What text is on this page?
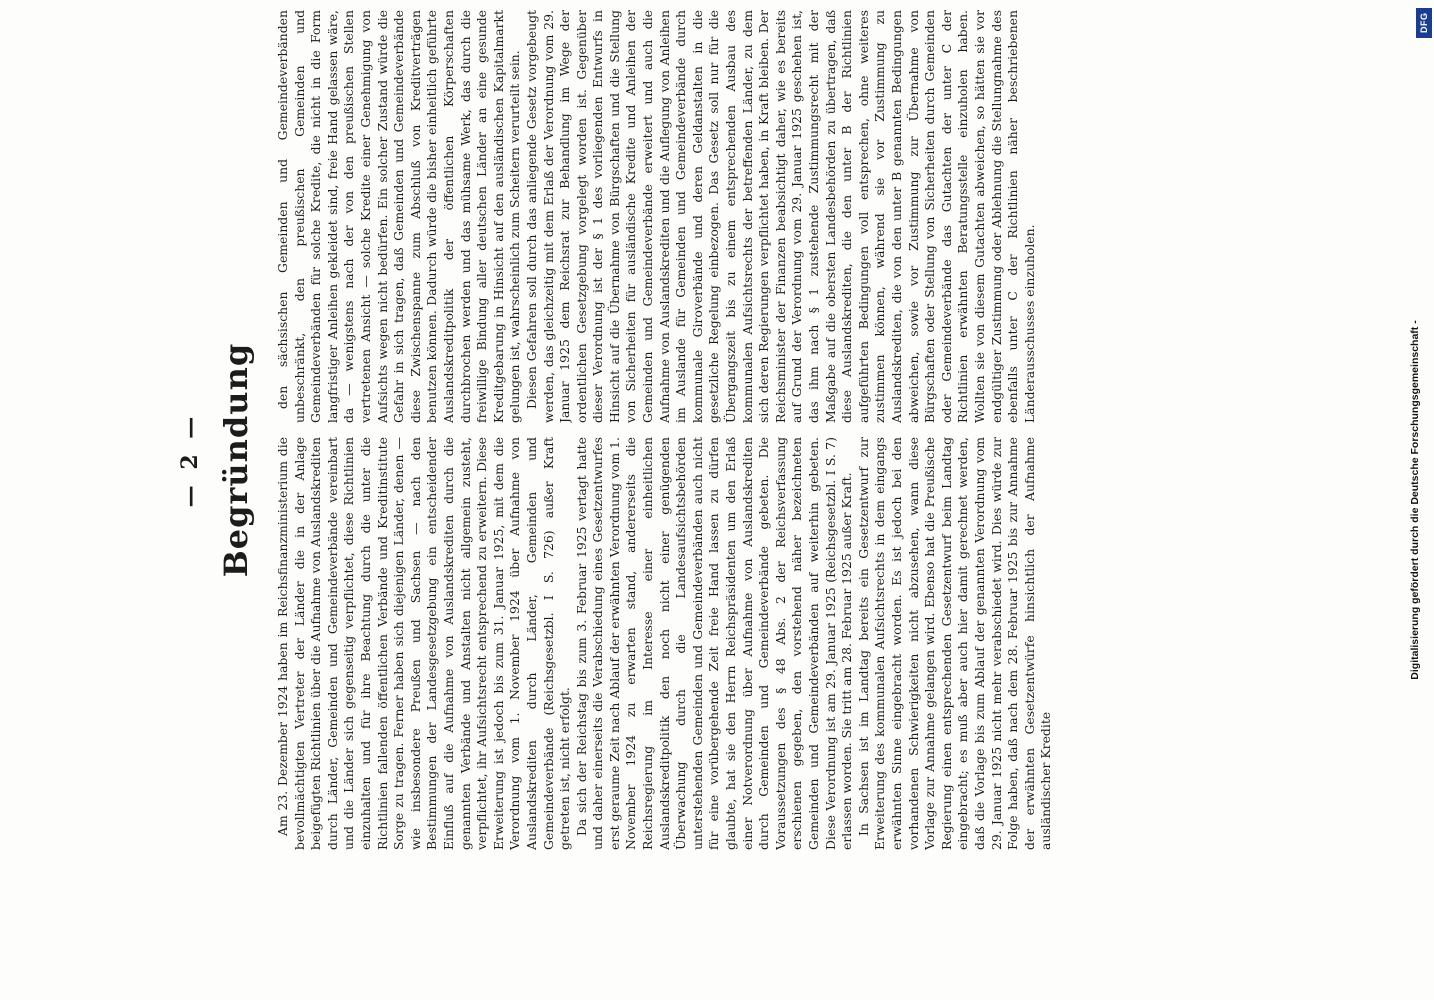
— 2 — Begründung Am 23. Dezember 1924 haben im Reichsfinanzministerium die bevollmächtigten Vertreter der Länder die in der Anlage beigefügten Richtlinien über die Aufnahme von Auslandskrediten durch Länder, Gemeinden und Gemeindeverbände vereinbart und die Länder sich gegenseitig verpflichtet, diese Richtlinien einzuhalten und für ihre Beachtung durch die unter die Richtlinien fallenden öffentlichen Verbände und Kreditinstitute Sorge zu tragen. Ferner haben sich diejenigen Länder, denen — wie insbesondere Preußen und Sachsen — nach den Bestimmungen der Landesgesetzgebung ein entscheidender Einfluß auf die Aufnahme von Auslandskrediten durch die genannten Verbände und Anstalten nicht allgemein zusteht, verpflichtet, ihr Aufsichtsrecht entsprechend zu erweitern. Diese Erweiterung ist jedoch bis zum 31. Januar 1925, mit dem die Verordnung vom 1. November 1924 über Aufnahme von Auslandskrediten durch Länder, Gemeinden und Gemeindeverbände (Reichsgesetzbl. I S. 726) außer Kraft getreten ist, nicht erfolgt. Da sich der Reichstag bis zum 3. Februar 1925 vertagt hatte und daher einerseits die Verabschiedung eines Gesetzentwurfes erst geraume Zeit nach Ablauf der erwähnten Verordnung vom 1. November 1924 zu erwarten stand, andererseits die Reichsregierung im Interesse einer einheitlichen Auslandskreditpolitik den noch nicht einer genügenden Überwachung durch die Landesaufsichtsbehörden unterstehenden Gemeinden und Gemeindeverbänden auch nicht für eine vorübergehende Zeit freie Hand lassen zu dürfen glaubte, hat sie den Herrn Reichspräsidenten um den Erlaß einer Notverordnung über Aufnahme von Auslandskrediten durch Gemeinden und Gemeindeverbände gebeten. Die Voraussetzungen des § 48 Abs. 2 der Reichsverfassung erschienen gegeben, den vorstehend näher bezeichneten Gemeinden und Gemeindeverbänden auf weiterhin gebeten. Diese Verordnung ist am 29. Januar 1925 (Reichsgesetzbl. I S. 7) erlassen worden. Sie tritt am 28. Februar 1925 außer Kraft. In Sachsen ist im Landtag bereits ein Gesetzentwurf zur Erweiterung des kommunalen Aufsichtsrechts in dem eingangs erwähnten Sinne eingebracht worden. Es ist jedoch bei den vorhandenen Schwierigkeiten nicht abzusehen, wann diese Vorlage zur Annahme gelangen wird. Ebenso hat die Preußische Regierung einen entsprechenden Gesetzentwurf beim Landtag eingebracht; es muß aber auch hier damit gerechnet werden, daß die Vorlage bis zum Ablauf der genannten Verordnung vom 29. Januar 1925 nicht mehr verabschiedet wird. Dies würde zur Folge haben, daß nach dem 28. Februar 1925 bis zur Annahme der erwähnten Gesetzentwürfe hinsichtlich der Aufnahme ausländischer Kredite

den sächsischen Gemeinden und Gemeindeverbänden unbeschränkt, den preußischen Gemeinden und Gemeindeverbänden für solche Kredite, die nicht in die Form langfristiger Anleihen gekleidet sind, freie Hand gelassen wäre, da — wenigstens nach der von den preußischen Stellen vertretenen Ansicht — solche Kredite einer Genehmigung von Aufsichts wegen nicht bedürfen. Ein solcher Zustand würde die Gefahr in sich tragen, daß Gemeinden und Gemeindeverbände diese Zwischenspanne zum Abschluß von Kreditverträgen benutzen können. Dadurch würde die bisher einheitlich geführte Auslandskreditpolitik der öffentlichen Körperschaften durchbrochen werden und das mühsame Werk, das durch die freiwillige Bindung aller deutschen Länder an eine gesunde Kreditgebarung in Hinsicht auf den ausländischen Kapitalmarkt gelungen ist, wahrscheinlich zum Scheitern verurteilt sein. Diesen Gefahren soll durch das anliegende Gesetz vorgebeugt werden, das gleichzeitig mit dem Erlaß der Verordnung vom 29. Januar 1925 dem Reichsrat zur Behandlung im Wege der ordentlichen Gesetzgebung vorgelegt worden ist. Gegenüber dieser Verordnung ist der § 1 des vorliegenden Entwurfs in Hinsicht auf die Übernahme von Bürgschaften und die Stellung von Sicherheiten für ausländische Kredite und Anleihen der Gemeinden und Gemeindeverbände erweitert und auch die Aufnahme von Auslandskrediten und die Auflegung von Anleihen im Auslande für Gemeinden und Gemeindeverbände durch kommunale Giroverbände und deren Geldanstalten in die gesetzliche Regelung einbezogen. Das Gesetz soll nur für die Übergangszeit bis zu einem entsprechenden Ausbau des kommunalen Aufsichtsrechts der betreffenden Länder, zu dem sich deren Regierungen verpflichtet haben, in Kraft bleiben. Der Reichsminister der Finanzen beabsichtigt daher, wie es bereits auf Grund der Verordnung vom 29. Januar 1925 geschehen ist, das ihm nach § 1 zustehende Zustimmungsrecht mit der Maßgabe auf die obersten Landesbehörden zu übertragen, daß diese Auslandskrediten, die den unter B der Richtlinien aufgeführten Bedingungen voll entsprechen, ohne weiteres zustimmen können, während sie vor Zustimmung zu Auslandskrediten, die von den unter B genannten Bedingungen abweichen, sowie vor Zustimmung zur Übernahme von Bürgschaften oder Stellung von Sicherheiten durch Gemeinden oder Gemeindeverbände das Gutachten der unter C der Richtlinien erwähnten Beratungsstelle einzuholen haben. Wollten sie von diesem Gutachten abweichen, so hätten sie vor endgültiger Zustimmung oder Ablehnung die Stellungnahme des ebenfalls unter C der Richtlinien näher beschriebenen Länderausschusses einzuholen.	Digitalisierung gefördert durch die Deutsche Forschungsgemeinschaft -
DFG
